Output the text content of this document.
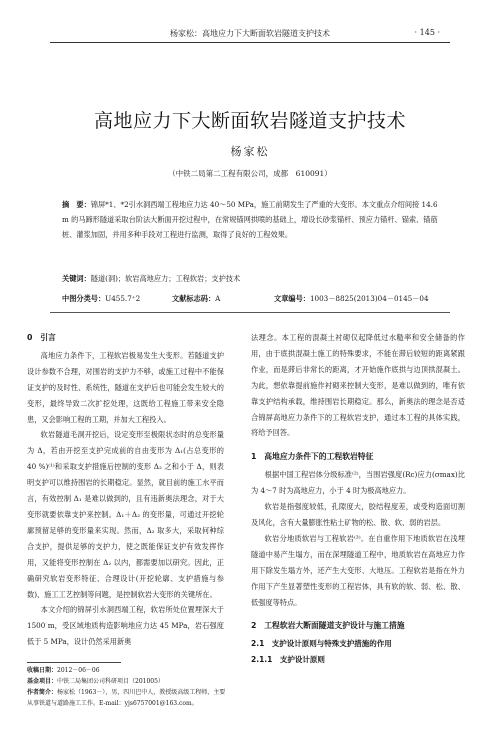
杨家松：高地应力下大断面软岩隧道支护技术	· 145 ·
高地应力下大断面软岩隧道支护技术
杨家松
（中铁二局第二工程有限公司，成都　610091）

摘　要：锦屏*1、*2引水洞西端工程地应力达 40～50 MPa，施工前期发生了严重的大变形。本文重点介绍间接 14.6 m 的马蹄形隧道采取台阶法大断面开挖过程中，在常规锚网拱喷的基础上，增设长砂浆锚杆、预应力锚杆、锚索、锚筋桩、灌浆加固，并用多种手段对工程进行监测，取得了良好的工程效果。

关键词：隧道(洞)；软岩高地应力；工程软岩；支护技术
中图分类号：U455.7⁺2	文献标志码：A	文章编号：1003－8825(2013)04－0145－04
0　引言

高地应力条件下，工程软岩极易发生大变形。若隧道支护设计参数不合理，对围岩的支护力不够，或施工过程中不能保证支护的及时性、系统性，隧道在支护后也可能会发生较大的变形，最终导致二次扩挖处理，这既给工程施工带来安全隐患，又会影响工程的工期，并加大工程投入。

软岩隧道毛洞开挖后，设定变形至极限状态时的总变形量为 Δ，若由开挖至支护完成前的自由变形为 Δ₁(占总变形的 40 %)⁽¹⁾和采取支护措施后控制的变形 Δ₂ 之和小于 Δ，则表明支护可以维持围岩的长期稳定。显然，就目前的施工水平而言，有效控制 Δ₁ 是难以做到的，且有违新奥法理念，对于大变形就要依靠支护来控制。Δ₁＋Δ₂ 的变形量，可通过开挖轮廓预留足够的变形量来实现。然而，Δ₂ 取多大，采取何种综合支护，提供足够的支护力，使之既能保证支护有效发挥作用，又能将变形控制在 Δ₂ 以内，都需要加以研究。因此，正确研究软岩变形特征、合理设计(开挖轮廓、支护措施与参数)、施工工艺控制等问题，是控制软岩大变形的关键所在。

本文介绍的锦屏引水洞西端工程，软岩所处位置埋深大于 1500 m，受区域地质构造影响地应力达 45 MPa，岩石强度低于 5 MPa，设计仍然采用新奥

法理念。本工程的混凝土衬砌仅起降低过水糙率和安全储备的作用，由于底拱混凝土施工的特殊要求，不能在滞后较短的距离紧跟作业，而是滞后非常长的距离，才开始施作底拱与边顶拱混凝土。为此，想依靠提前施作衬砌来控制大变形，是难以做到的，唯有依靠支护结构承载，维持围岩长期稳定。那么，新奥法的理念是否适合锦屏高地应力条件下的工程软岩支护，通过本工程的具体实践，将给予回答。

1　高地应力条件下的工程软岩特征

根据中国工程岩体分级标准⁽²⁾，当围岩强度(Rc)应力(σmax)比为 4～7 时为高地应力，小于 4 时为极高地应力。

软岩是指强度较低，孔隙度大，胶结程度差，或受构造面切割及风化，含有大量膨胀性粘土矿物的松、散、软、弱的岩层。

软岩分地质软岩与工程软岩⁽³⁾。在自重作用下地质软岩在浅埋隧道中易产生塌方，而在深埋隧道工程中，地质软岩在高地应力作用下除发生塌方外，还产生大变形、大地压。工程软岩是指在外力作用下产生显著塑性变形的工程岩体，具有软的软、弱、松、散、低强度等特点。

2　工程软岩大断面隧道支护设计与施工措施
2.1　支护设计原则与特殊支护措施的作用
2.1.1　支护设计原则

收稿日期：2012－06－06

基金项目：中铁二局集团公司科研项目（201005）

作者简介：杨家松（1963－），男，四川巴中人，教授级高级工程师，主要从事铁道与道路施工工作。E-mail：yjs6757001@163.com。
